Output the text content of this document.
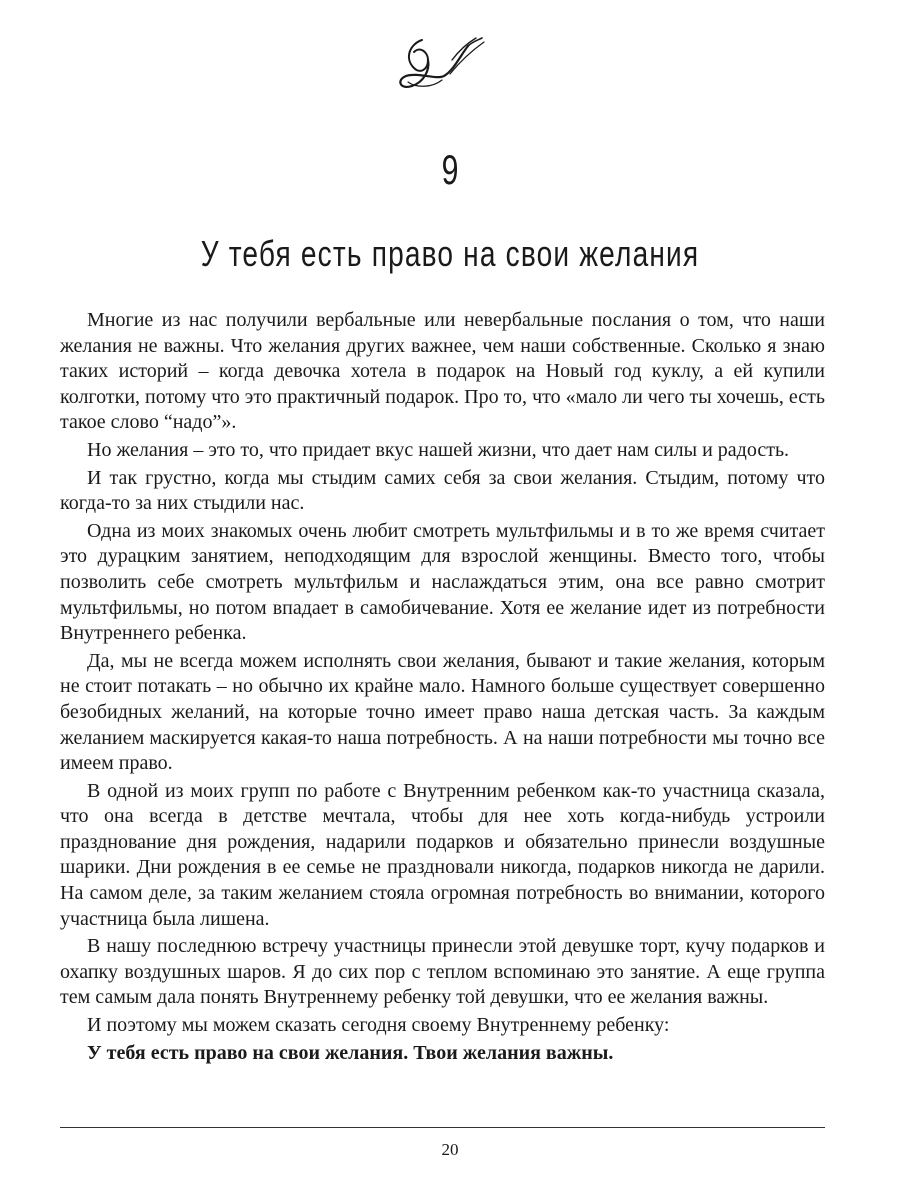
9
У тебя есть право на свои желания

Многие из нас получили вербальные или невербальные послания о том, что наши желания не важны. Что желания других важнее, чем наши собственные. Сколько я знаю таких историй – когда девочка хотела в подарок на Новый год куклу, а ей купили колготки, потому что это практичный подарок. Про то, что «мало ли чего ты хочешь, есть такое слово “надо”».

Но желания – это то, что придает вкус нашей жизни, что дает нам силы и радость.

И так грустно, когда мы стыдим самих себя за свои желания. Стыдим, потому что когда-то за них стыдили нас.

Одна из моих знакомых очень любит смотреть мультфильмы и в то же время считает это дурацким занятием, неподходящим для взрослой женщины. Вместо того, чтобы позволить себе смотреть мультфильм и наслаждаться этим, она все равно смотрит мультфильмы, но потом впадает в самобичевание. Хотя ее желание идет из потребности Внутреннего ребенка.

Да, мы не всегда можем исполнять свои желания, бывают и такие желания, которым не стоит потакать – но обычно их крайне мало. Намного больше существует совершенно безобидных желаний, на которые точно имеет право наша детская часть. За каждым желанием маскируется какая-то наша потребность. А на наши потребности мы точно все имеем право.

В одной из моих групп по работе с Внутренним ребенком как-то участница сказала, что она всегда в детстве мечтала, чтобы для нее хоть когда-нибудь устроили празднование дня рождения, надарили подарков и обязательно принесли воздушные шарики. Дни рождения в ее семье не праздновали никогда, подарков никогда не дарили. На самом деле, за таким желанием стояла огромная потребность во внимании, которого участница была лишена.

В нашу последнюю встречу участницы принесли этой девушке торт, кучу подарков и охапку воздушных шаров. Я до сих пор с теплом вспоминаю это занятие. А еще группа тем самым дала понять Внутреннему ребенку той девушки, что ее желания важны.

И поэтому мы можем сказать сегодня своему Внутреннему ребенку:

У тебя есть право на свои желания. Твои желания важны.

20
